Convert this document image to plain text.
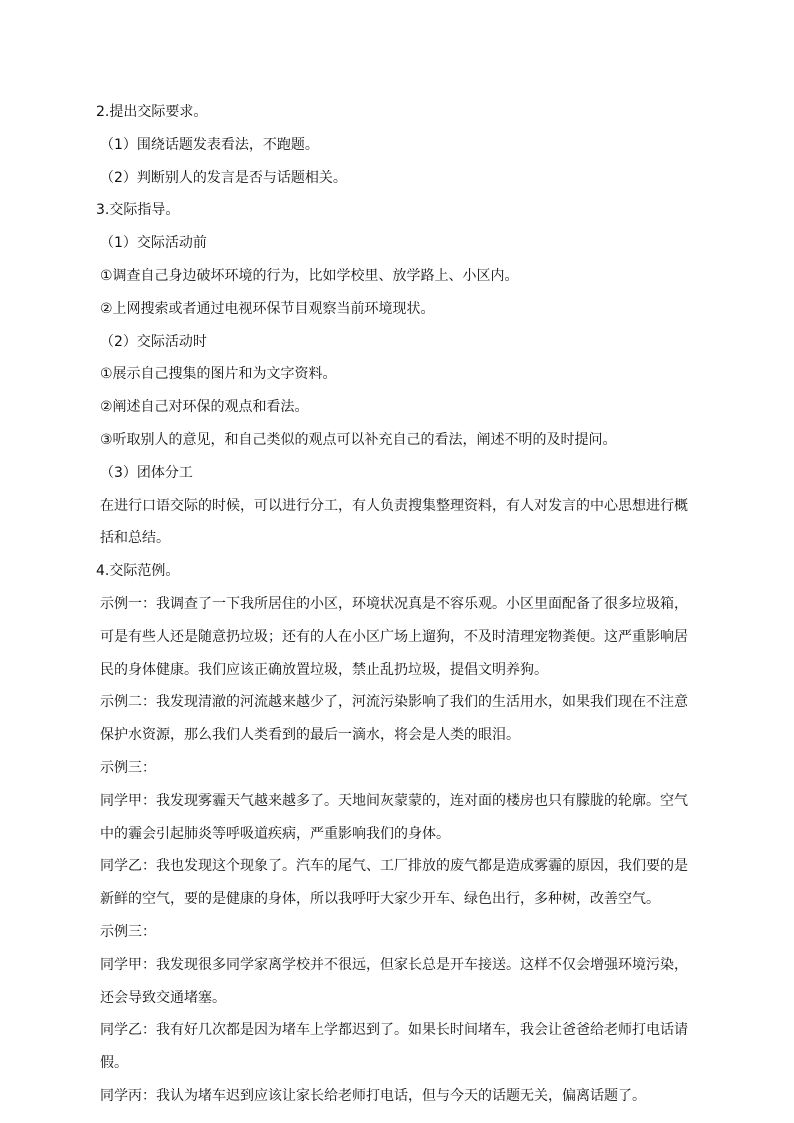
2.提出交际要求。

（1）围绕话题发表看法，不跑题。

（2）判断别人的发言是否与话题相关。

3.交际指导。

（1）交际活动前

①调查自己身边破坏环境的行为，比如学校里、放学路上、小区内。

②上网搜索或者通过电视环保节目观察当前环境现状。

（2）交际活动时

①展示自己搜集的图片和为文字资料。

②阐述自己对环保的观点和看法。

③听取别人的意见，和自己类似的观点可以补充自己的看法，阐述不明的及时提问。

（3）团体分工

在进行口语交际的时候，可以进行分工，有人负责搜集整理资料，有人对发言的中心思想进行概括和总结。

4.交际范例。

示例一：我调查了一下我所居住的小区，环境状况真是不容乐观。小区里面配备了很多垃圾箱，可是有些人还是随意扔垃圾；还有的人在小区广场上遛狗，不及时清理宠物粪便。这严重影响居民的身体健康。我们应该正确放置垃圾，禁止乱扔垃圾，提倡文明养狗。

示例二：我发现清澈的河流越来越少了，河流污染影响了我们的生活用水，如果我们现在不注意保护水资源，那么我们人类看到的最后一滴水，将会是人类的眼泪。

示例三：

同学甲：我发现雾霾天气越来越多了。天地间灰蒙蒙的，连对面的楼房也只有朦胧的轮廓。空气中的霾会引起肺炎等呼吸道疾病，严重影响我们的身体。

同学乙：我也发现这个现象了。汽车的尾气、工厂排放的废气都是造成雾霾的原因，我们要的是新鲜的空气，要的是健康的身体，所以我呼吁大家少开车、绿色出行，多种树，改善空气。

示例三：

同学甲：我发现很多同学家离学校并不很远，但家长总是开车接送。这样不仅会增强环境污染，还会导致交通堵塞。

同学乙：我有好几次都是因为堵车上学都迟到了。如果长时间堵车，我会让爸爸给老师打电话请假。

同学丙：我认为堵车迟到应该让家长给老师打电话，但与今天的话题无关，偏离话题了。
